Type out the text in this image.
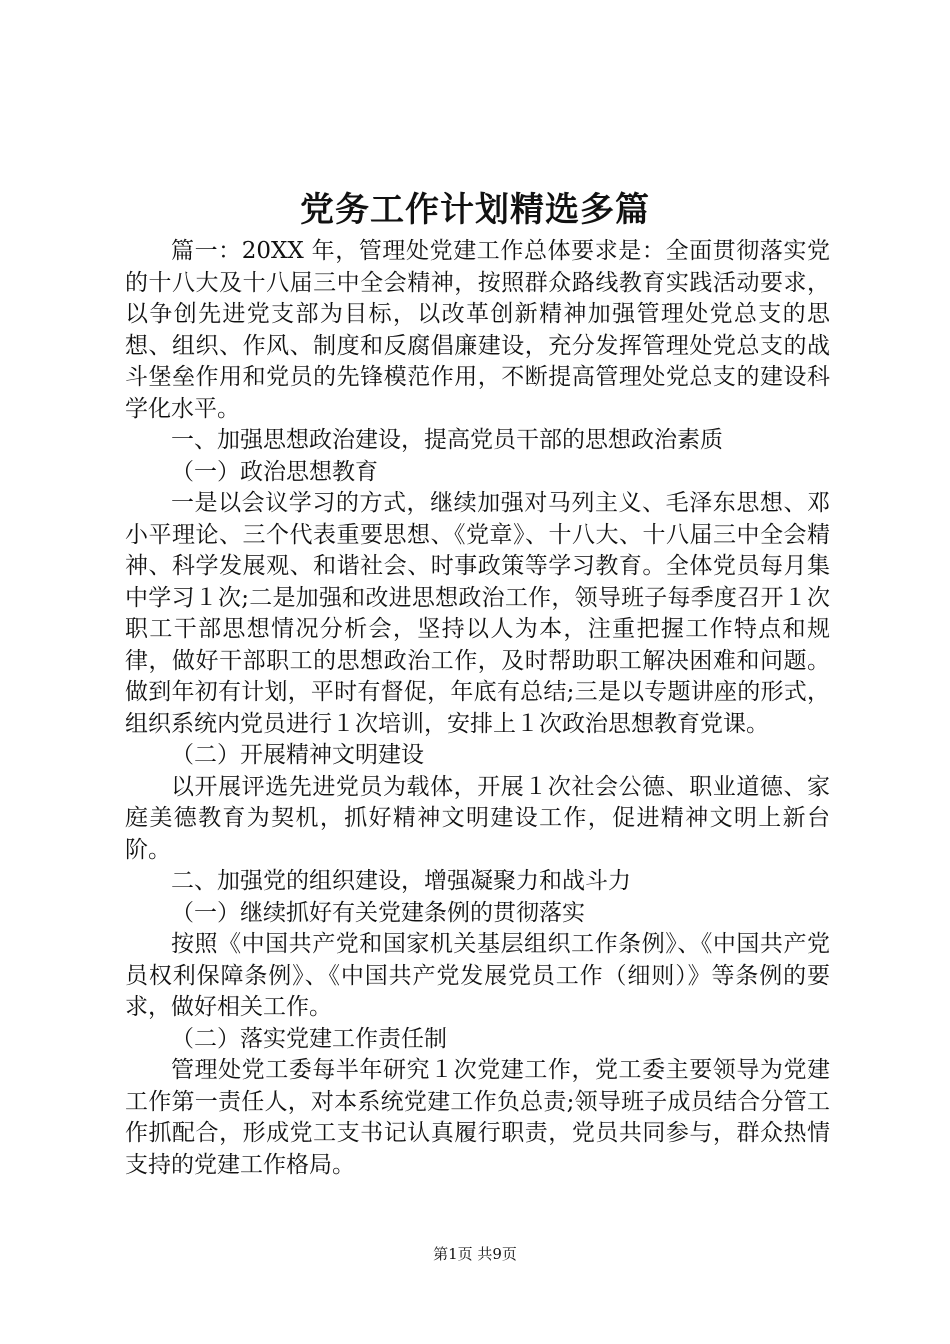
党务工作计划精选多篇

篇一：20XX 年，管理处党建工作总体要求是：全面贯彻落实党的十八大及十八届三中全会精神，按照群众路线教育实践活动要求，以争创先进党支部为目标，以改革创新精神加强管理处党总支的思想、组织、作风、制度和反腐倡廉建设，充分发挥管理处党总支的战斗堡垒作用和党员的先锋模范作用，不断提高管理处党总支的建设科学化水平。

一、加强思想政治建设，提高党员干部的思想政治素质

（一）政治思想教育

一是以会议学习的方式，继续加强对马列主义、毛泽东思想、邓小平理论、三个代表重要思想、《党章》、十八大、十八届三中全会精神、科学发展观、和谐社会、时事政策等学习教育。全体党员每月集中学习１次;二是加强和改进思想政治工作，领导班子每季度召开１次职工干部思想情况分析会，坚持以人为本，注重把握工作特点和规律，做好干部职工的思想政治工作，及时帮助职工解决困难和问题。做到年初有计划，平时有督促，年底有总结;三是以专题讲座的形式，组织系统内党员进行１次培训，安排上１次政治思想教育党课。

（二）开展精神文明建设

以开展评选先进党员为载体，开展１次社会公德、职业道德、家庭美德教育为契机，抓好精神文明建设工作，促进精神文明上新台阶。

二、加强党的组织建设，增强凝聚力和战斗力

（一）继续抓好有关党建条例的贯彻落实

按照《中国共产党和国家机关基层组织工作条例》、《中国共产党员权利保障条例》、《中国共产党发展党员工作（细则）》等条例的要求，做好相关工作。

（二）落实党建工作责任制

管理处党工委每半年研究１次党建工作，党工委主要领导为党建工作第一责任人，对本系统党建工作负总责;领导班子成员结合分管工作抓配合，形成党工支书记认真履行职责，党员共同参与，群众热情支持的党建工作格局。

第1页 共9页
